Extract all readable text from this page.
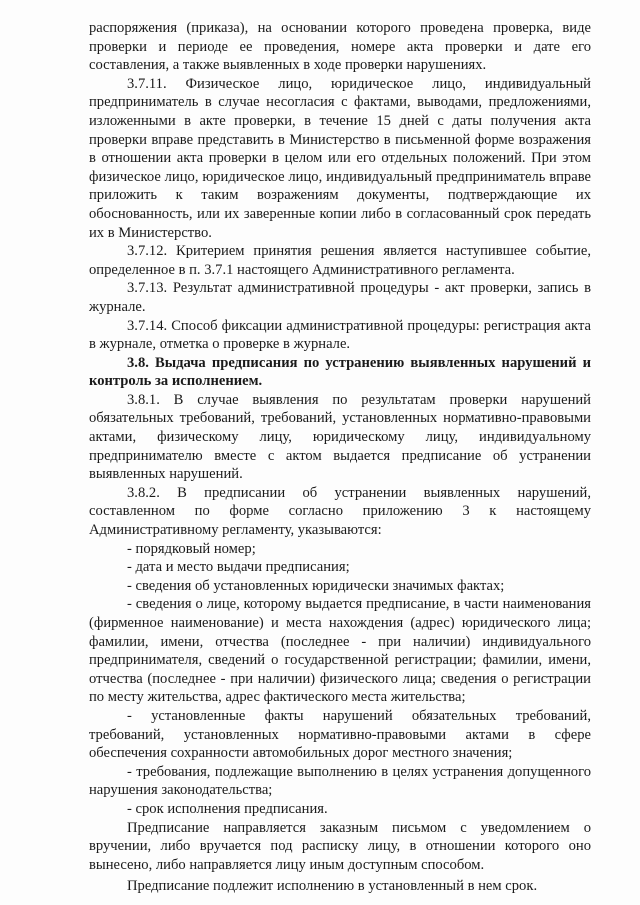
распоряжения (приказа), на основании которого проведена проверка, виде проверки и периоде ее проведения, номере акта проверки и дате его составления, а также выявленных в ходе проверки нарушениях.

3.7.11. Физическое лицо, юридическое лицо, индивидуальный предприниматель в случае несогласия с фактами, выводами, предложениями, изложенными в акте проверки, в течение 15 дней с даты получения акта проверки вправе представить в Министерство в письменной форме возражения в отношении акта проверки в целом или его отдельных положений. При этом физическое лицо, юридическое лицо, индивидуальный предприниматель вправе приложить к таким возражениям документы, подтверждающие их обоснованность, или их заверенные копии либо в согласованный срок передать их в Министерство.

3.7.12. Критерием принятия решения является наступившее событие, определенное в п. 3.7.1 настоящего Административного регламента.

3.7.13. Результат административной процедуры - акт проверки, запись в журнале.

3.7.14. Способ фиксации административной процедуры: регистрация акта в журнале, отметка о проверке в журнале.

3.8. Выдача предписания по устранению выявленных нарушений и контроль за исполнением.

3.8.1. В случае выявления по результатам проверки нарушений обязательных требований, требований, установленных нормативно-правовыми актами, физическому лицу, юридическому лицу, индивидуальному предпринимателю вместе с актом выдается предписание об устранении выявленных нарушений.

3.8.2. В предписании об устранении выявленных нарушений, составленном по форме согласно приложению 3 к настоящему Административному регламенту, указываются:

- порядковый номер;

- дата и место выдачи предписания;

- сведения об установленных юридически значимых фактах;

- сведения о лице, которому выдается предписание, в части наименования (фирменное наименование) и места нахождения (адрес) юридического лица; фамилии, имени, отчества (последнее - при наличии) индивидуального предпринимателя, сведений о государственной регистрации; фамилии, имени, отчества (последнее - при наличии) физического лица; сведения о регистрации по месту жительства, адрес фактического места жительства;

- установленные факты нарушений обязательных требований, требований, установленных нормативно-правовыми актами в сфере обеспечения сохранности автомобильных дорог местного значения;

- требования, подлежащие выполнению в целях устранения допущенного нарушения законодательства;

- срок исполнения предписания.

Предписание направляется заказным письмом с уведомлением о вручении, либо вручается под расписку лицу, в отношении которого оно вынесено, либо направляется лицу иным доступным способом.

Предписание подлежит исполнению в установленный в нем срок.
